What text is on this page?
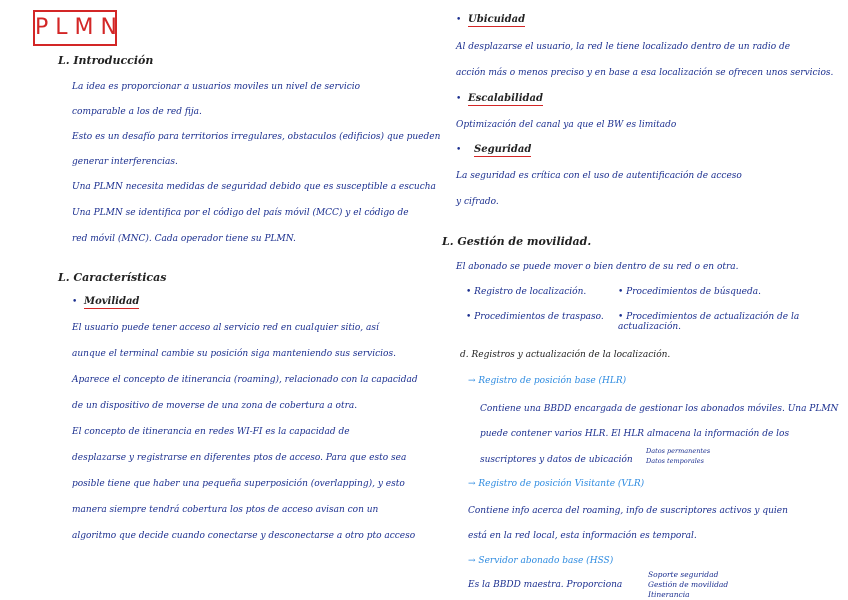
PLMN
L. Introducción
La idea es proporcionar a usuarios moviles un nivel de servicio
comparable a los de red fija.
Esto es un desafío para territorios irregulares, obstaculos (edificios) que pueden
generar interferencias.
Una PLMN necesita medidas de seguridad debido que es susceptible a escucha
Una PLMN se identifica por el código del país móvil (MCC) y el código de
red móvil (MNC). Cada operador tiene su PLMN.
L. Características
• Movilidad
El usuario puede tener acceso al servicio red en cualquier sitio, así
aunque el terminal cambie su posición siga manteniendo sus servicios.
Aparece el concepto de itinerancia (roaming), relacionado con la capacidad
de un dispositivo de moverse de una zona de cobertura a otra.
El concepto de itinerancia en redes WI-FI es la capacidad de
desplazarse y registrarse en diferentes ptos de acceso. Para que esto sea
posible tiene que haber una pequeña superposición (overlapping), y esto
manera siempre tendrá cobertura los ptos de acceso avisan con un
algoritmo que decide cuando conectarse y desconectarse a otro pto acceso
• Ubicuidad
Al desplazarse el usuario, la red le tiene localizado dentro de un radio de
acción más o menos preciso y en base a esa localización se ofrecen unos servicios.
• Escalabilidad
Optimización del canal ya que el BW es limitado
• Seguridad
La seguridad es crítica con el uso de autentificación de acceso
y cifrado.
L. Gestión de movilidad.
El abonado se puede mover o bien dentro de su red o en otra.
• Registro de localización.	• Procedimientos de búsqueda.
• Procedimientos de traspaso. • Procedimientos de actualización de la actualización.
d. Registros y actualización de la localización.
→ Registro de posición base (HLR)
Contiene una BBDD encargada de gestionar los abonados móviles. Una PLMN
puede contener varios HLR. El HLR almacena la información de los
suscriptores y datos de ubicación
Datos permanentes
Datos temporales
→ Registro de posición Visitante (VLR)
Contiene info acerca del roaming, info de suscriptores activos y quien
está en la red local, esta información es temporal.
→ Servidor abonado base (HSS)
Es la BBDD maestra. Proporciona
Soporte seguridad
Gestión de movilidad
Itinerancia
